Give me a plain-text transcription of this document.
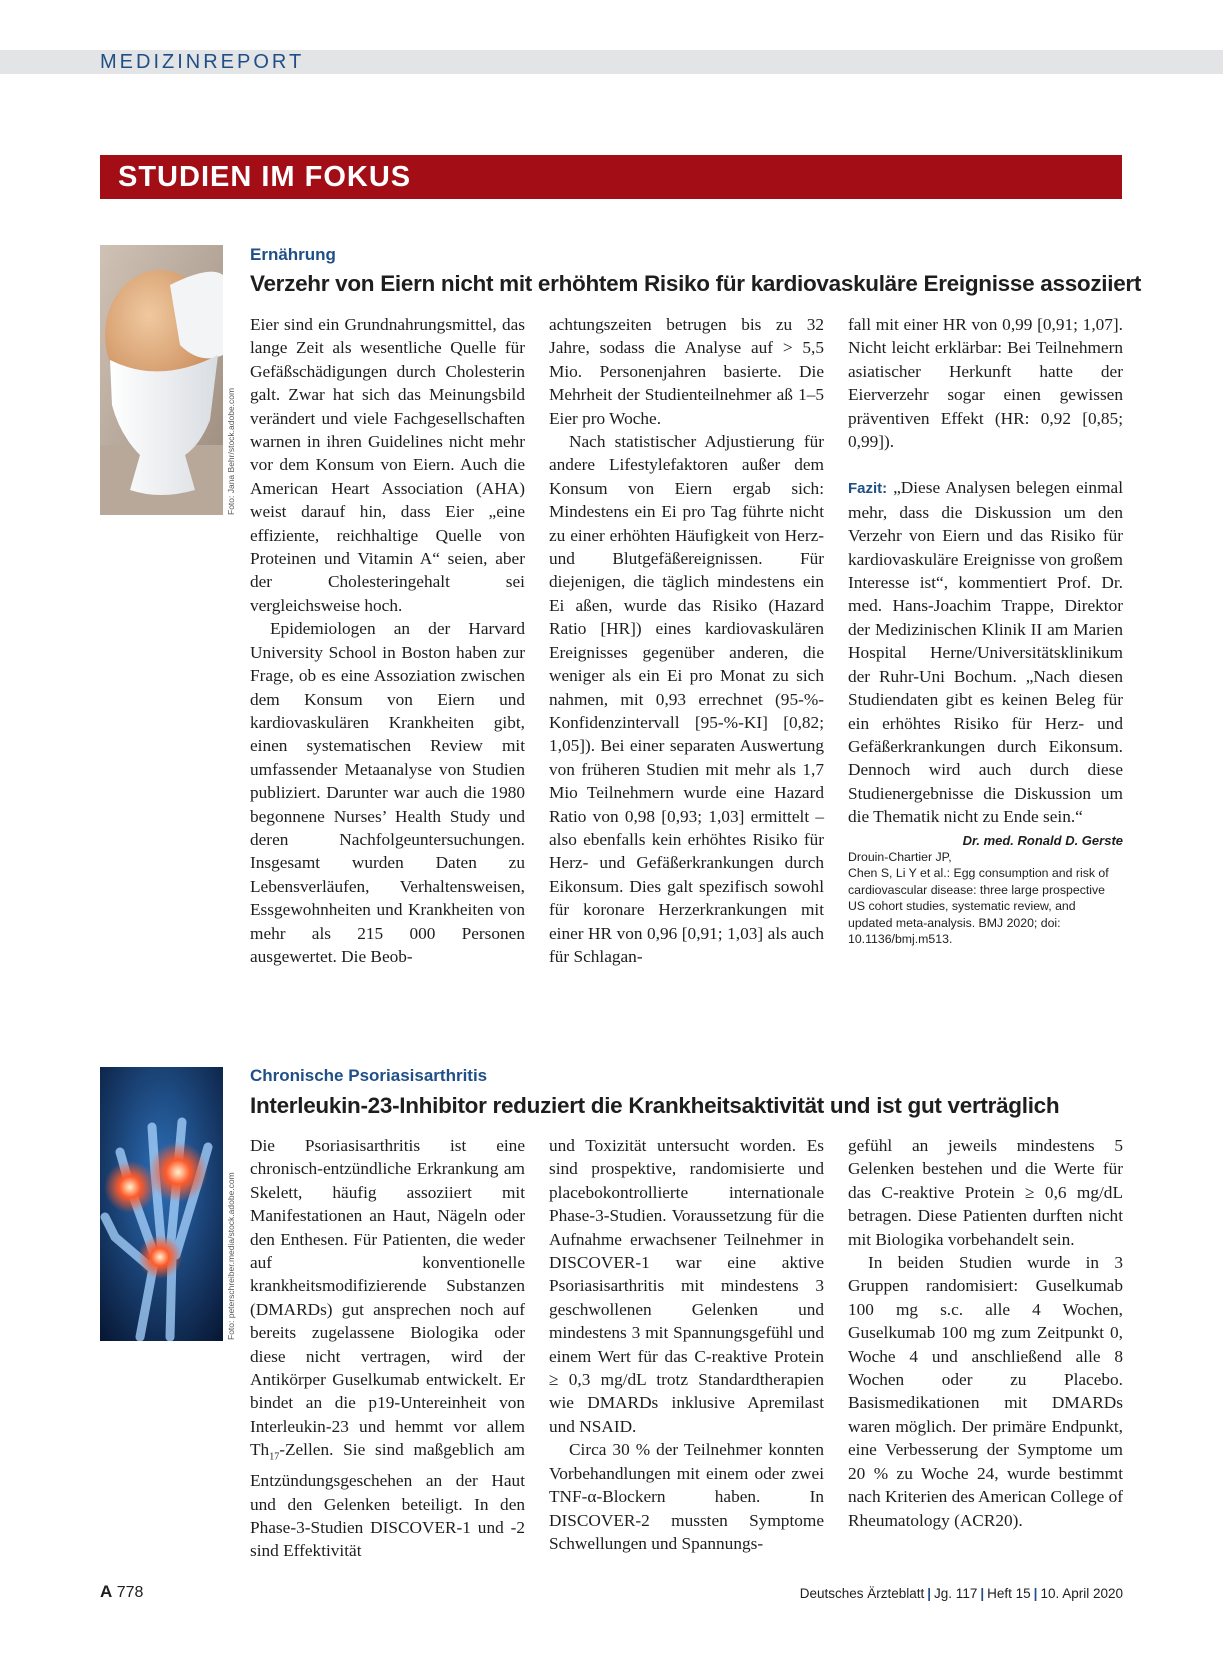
MEDIZINREPORT
STUDIEN IM FOKUS
Foto: Jana Behr/stock.adobe.com
Ernährung
Verzehr von Eiern nicht mit erhöhtem Risiko für kardiovaskuläre Ereignisse assoziiert

Eier sind ein Grundnahrungsmittel, das lange Zeit als wesentliche Quelle für Gefäßschädigungen durch Cholesterin galt. Zwar hat sich das Meinungsbild verändert und viele Fachgesellschaften warnen in ihren Guidelines nicht mehr vor dem Konsum von Eiern. Auch die American Heart Association (AHA) weist darauf hin, dass Eier „eine effiziente, reichhaltige Quelle von Proteinen und Vitamin A“ seien, aber der Cholesteringehalt sei vergleichsweise hoch.

Epidemiologen an der Harvard University School in Boston haben zur Frage, ob es eine Assoziation zwischen dem Konsum von Eiern und kardiovaskulären Krankheiten gibt, einen systematischen Review mit umfassender Metaanalyse von Studien publiziert. Darunter war auch die 1980 begonnene Nurses’ Health Study und deren Nachfolgeuntersuchungen. Insgesamt wurden Daten zu Lebensverläufen, Verhaltensweisen, Essgewohnheiten und Krankheiten von mehr als 215 000 Personen ausgewertet. Die Beob-

achtungszeiten betrugen bis zu 32 Jahre, sodass die Analyse auf > 5,5 Mio. Personenjahren basierte. Die Mehrheit der Studienteilnehmer aß 1–5 Eier pro Woche.

Nach statistischer Adjustierung für andere Lifestylefaktoren außer dem Konsum von Eiern ergab sich: Mindestens ein Ei pro Tag führte nicht zu einer erhöhten Häufigkeit von Herz- und Blutgefäßereignissen. Für diejenigen, die täglich mindestens ein Ei aßen, wurde das Risiko (Hazard Ratio [HR]) eines kardiovaskulären Ereignisses gegenüber anderen, die weniger als ein Ei pro Monat zu sich nahmen, mit 0,93 errechnet (95-%-Konfidenzintervall [95-%-KI] [0,82; 1,05]). Bei einer separaten Auswertung von früheren Studien mit mehr als 1,7 Mio Teilnehmern wurde eine Hazard Ratio von 0,98 [0,93; 1,03] ermittelt – also ebenfalls kein erhöhtes Risiko für Herz- und Gefäßerkrankungen durch Eikonsum. Dies galt spezifisch sowohl für koronare Herzerkrankungen mit einer HR von 0,96 [0,91; 1,03] als auch für Schlagan-

fall mit einer HR von 0,99 [0,91; 1,07]. Nicht leicht erklärbar: Bei Teilnehmern asiatischer Herkunft hatte der Eierverzehr sogar einen gewissen präventiven Effekt (HR: 0,92 [0,85; 0,99]).

Fazit: „Diese Analysen belegen einmal mehr, dass die Diskussion um den Verzehr von Eiern und das Risiko für kardiovaskuläre Ereignisse von großem Interesse ist“, kommentiert Prof. Dr. med. Hans-Joachim Trappe, Direktor der Medizinischen Klinik II am Marien Hospital Herne/Universitätsklinikum der Ruhr-Uni Bochum. „Nach diesen Studiendaten gibt es keinen Beleg für ein erhöhtes Risiko für Herz- und Gefäßerkrankungen durch Eikonsum. Dennoch wird auch durch diese Studienergebnisse die Diskussion um die Thematik nicht zu Ende sein.“
Dr. med. Ronald D. Gerste

Drouin-Chartier JP, Chen S, Li Y et al.: Egg consumption and risk of cardiovascular disease: three large prospective US cohort studies, systematic review, and updated meta-analysis. BMJ 2020; doi: 10.1136/bmj.m513.
Foto: peterschreiber.media/stock.adobe.com
Chronische Psoriasisarthritis
Interleukin-23-Inhibitor reduziert die Krankheitsaktivität und ist gut verträglich

Die Psoriasisarthritis ist eine chronisch-entzündliche Erkrankung am Skelett, häufig assoziiert mit Manifestationen an Haut, Nägeln oder den Enthesen. Für Patienten, die weder auf konventionelle krankheitsmodifizierende Substanzen (DMARDs) gut ansprechen noch auf bereits zugelassene Biologika oder diese nicht vertragen, wird der Antikörper Guselkumab entwickelt. Er bindet an die p19-Untereinheit von Interleukin-23 und hemmt vor allem $Th_{17}$-Zellen. Sie sind maßgeblich am Entzündungsgeschehen an der Haut und den Gelenken beteiligt. In den Phase-3-Studien DISCOVER-1 und -2 sind Effektivität

und Toxizität untersucht worden. Es sind prospektive, randomisierte und placebokontrollierte internationale Phase-3-Studien. Voraussetzung für die Aufnahme erwachsener Teilnehmer in DISCOVER-1 war eine aktive Psoriasisarthritis mit mindestens 3 geschwollenen Gelenken und mindestens 3 mit Spannungsgefühl und einem Wert für das C-reaktive Protein ≥ 0,3 mg/dL trotz Standardtherapien wie DMARDs inklusive Apremilast und NSAID.

Circa 30 % der Teilnehmer konnten Vorbehandlungen mit einem oder zwei TNF-α-Blockern haben. In DISCOVER-2 mussten Symptome Schwellungen und Spannungs-

gefühl an jeweils mindestens 5 Gelenken bestehen und die Werte für das C-reaktive Protein ≥ 0,6 mg/dL betragen. Diese Patienten durften nicht mit Biologika vorbehandelt sein.

In beiden Studien wurde in 3 Gruppen randomisiert: Guselkumab 100 mg s.c. alle 4 Wochen, Guselkumab 100 mg zum Zeitpunkt 0, Woche 4 und anschließend alle 8 Wochen oder zu Placebo. Basismedikationen mit DMARDs waren möglich. Der primäre Endpunkt, eine Verbesserung der Symptome um 20 % zu Woche 24, wurde bestimmt nach Kriterien des American College of Rheumatology (ACR20).

A 778	Deutsches Ärzteblatt | Jg. 117 | Heft 15 | 10. April 2020
